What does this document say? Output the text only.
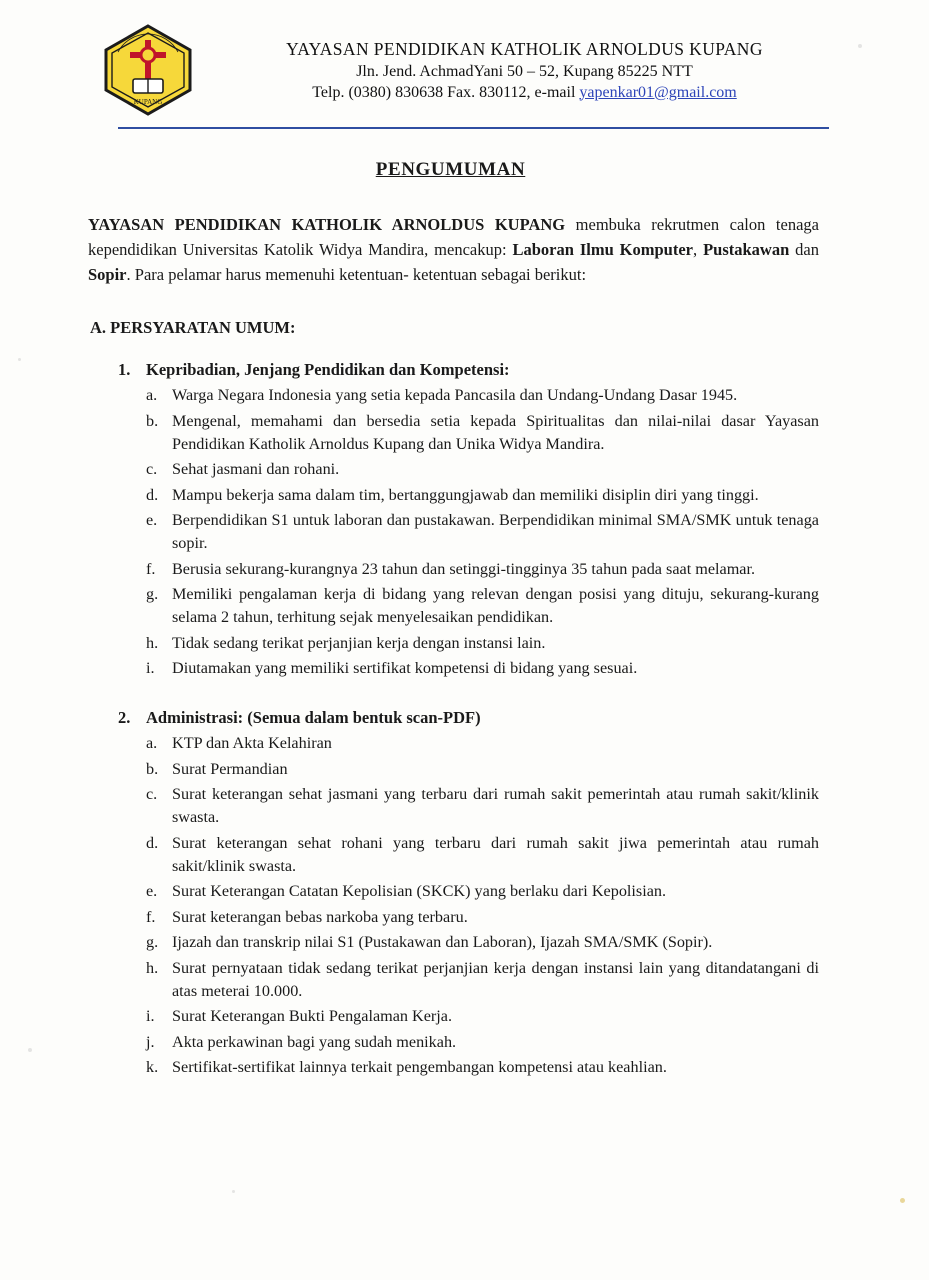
KUPANG
YAYASAN PENDIDIKAN KATHOLIK ARNOLDUS KUPANG
Jln. Jend. AchmadYani 50 – 52, Kupang 85225 NTT
Telp. (0380) 830638 Fax. 830112, e-mail yapenkar01@gmail.com
PENGUMUMAN

YAYASAN PENDIDIKAN KATHOLIK ARNOLDUS KUPANG membuka rekrutmen calon tenaga kependidikan Universitas Katolik Widya Mandira, mencakup: Laboran Ilmu Komputer, Pustakawan dan Sopir. Para pelamar harus memenuhi ketentuan- ketentuan sebagai berikut:

A. PERSYARATAN UMUM:
1. Kepribadian, Jenjang Pendidikan dan Kompetensi:
a. Warga Negara Indonesia yang setia kepada Pancasila dan Undang-Undang Dasar 1945.
b. Mengenal, memahami dan bersedia setia kepada Spiritualitas dan nilai-nilai dasar Yayasan Pendidikan Katholik Arnoldus Kupang dan Unika Widya Mandira.
c. Sehat jasmani dan rohani.
d. Mampu bekerja sama dalam tim, bertanggungjawab dan memiliki disiplin diri yang tinggi.
e. Berpendidikan S1 untuk laboran dan pustakawan. Berpendidikan minimal SMA/SMK untuk tenaga sopir.
f.	Berusia sekurang-kurangnya 23 tahun dan setinggi-tingginya 35 tahun pada saat melamar.
g. Memiliki pengalaman kerja di bidang yang relevan dengan posisi yang dituju, sekurang-kurang selama 2 tahun, terhitung sejak menyelesaikan pendidikan.
h. Tidak sedang terikat perjanjian kerja dengan instansi lain.
i.	Diutamakan yang memiliki sertifikat kompetensi di bidang yang sesuai.
2. Administrasi: (Semua dalam bentuk scan-PDF)
a. KTP dan Akta Kelahiran
b. Surat Permandian
c. Surat keterangan sehat jasmani yang terbaru dari rumah sakit pemerintah atau rumah sakit/klinik swasta.
d. Surat keterangan sehat rohani yang terbaru dari rumah sakit jiwa pemerintah atau rumah sakit/klinik swasta.
e. Surat Keterangan Catatan Kepolisian (SKCK) yang berlaku dari Kepolisian.
f.	Surat keterangan bebas narkoba yang terbaru.
g. Ijazah dan transkrip nilai S1 (Pustakawan dan Laboran), Ijazah SMA/SMK (Sopir).
h. Surat pernyataan tidak sedang terikat perjanjian kerja dengan instansi lain yang ditandatangani di atas meterai 10.000.
i.	Surat Keterangan Bukti Pengalaman Kerja.
j.	Akta perkawinan bagi yang sudah menikah.
k. Sertifikat-sertifikat lainnya terkait pengembangan kompetensi atau keahlian.
